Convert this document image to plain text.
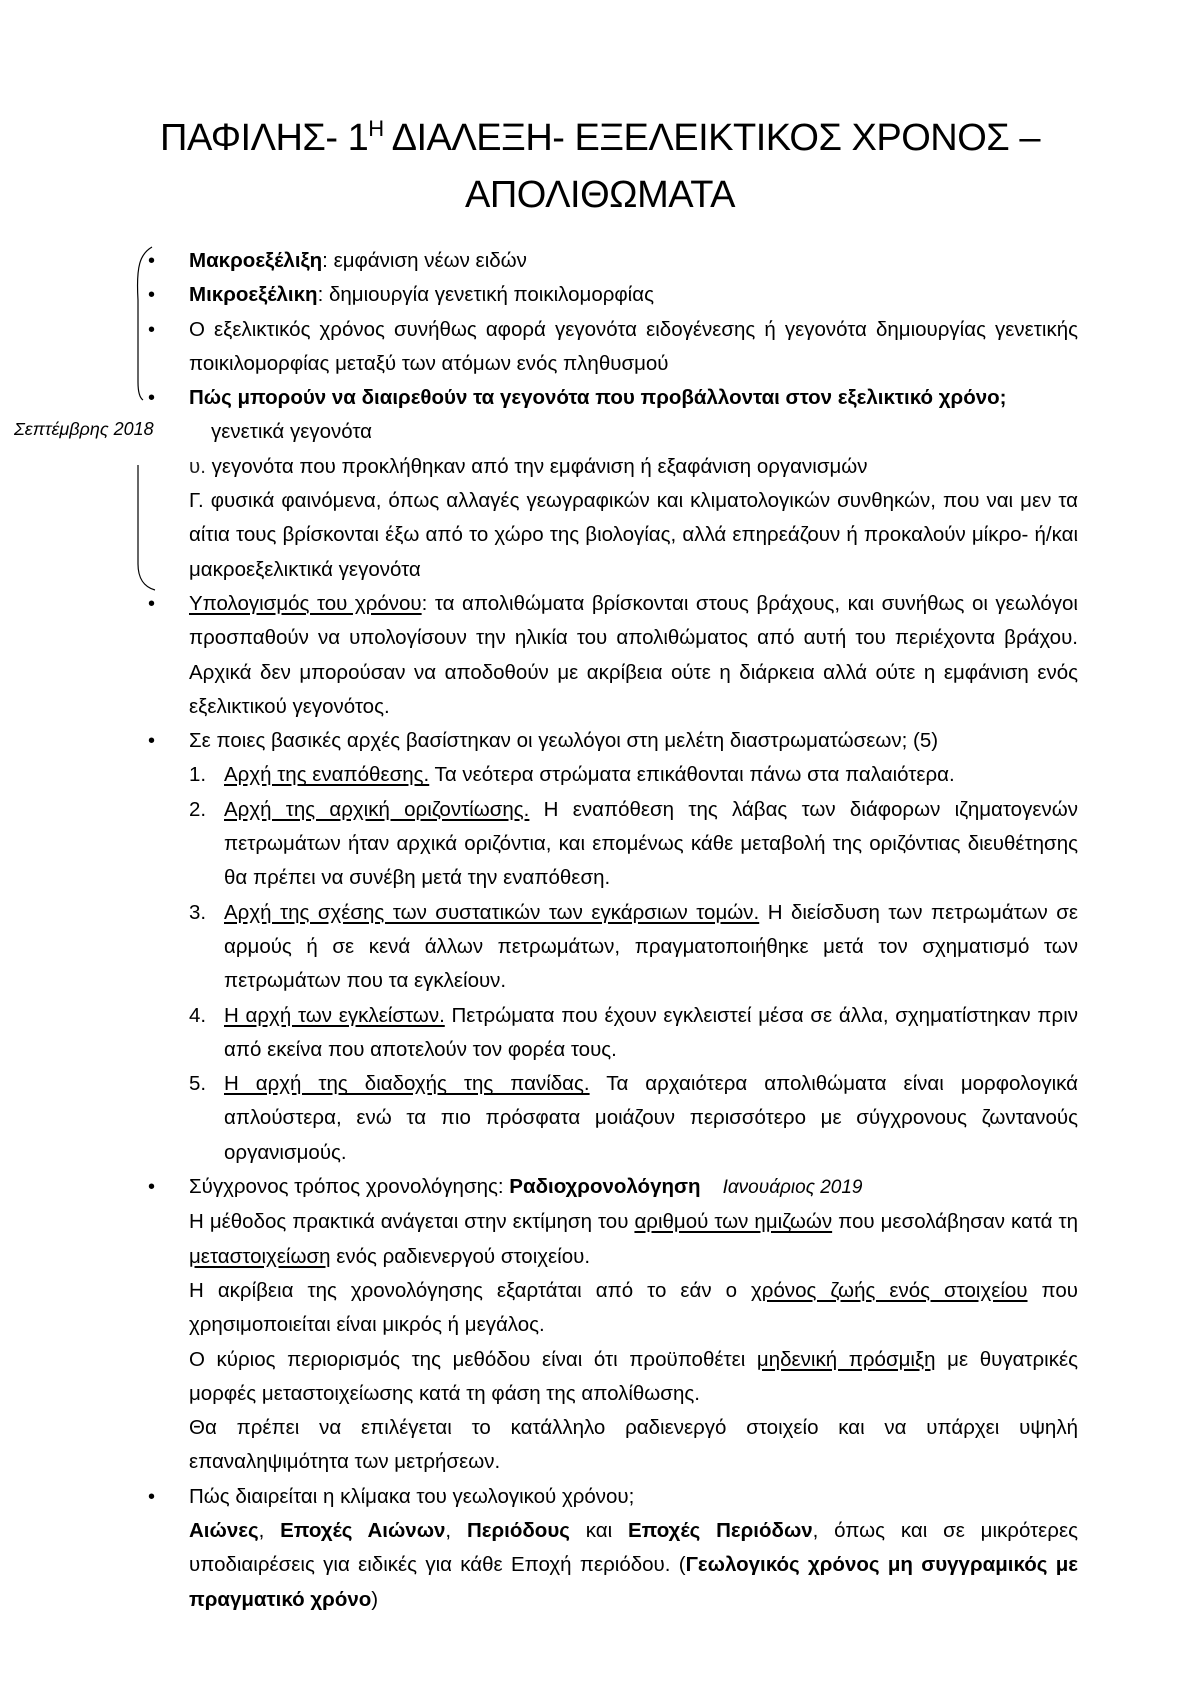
ΠΑΦΙΛΗΣ- $1^H$ ΔΙΑΛΕΞΗ- ΕΞΕΛΕΙΚΤΙΚΟΣ ΧΡΟΝΟΣ –
ΑΠΟΛΙΘΩΜΑΤΑ
Σεπτέμβρης 2018

• Μακροεξέλιξη: εμφάνιση νέων ειδών

• Μικροεξέλικη: δημιουργία γενετική ποικιλομορφίας

• Ο εξελικτικός χρόνος συνήθως αφορά γεγονότα ειδογένεσης ή γεγονότα δημιουργίας γενετικής ποικιλομορφίας μεταξύ των ατόμων ενός πληθυσμού

• Πώς μπορούν να διαιρεθούν τα γεγονότα που προβάλλονται στον εξελικτικό χρόνο;

γενετικά γεγονότα

υ. γεγονότα που προκλήθηκαν από την εμφάνιση ή εξαφάνιση οργανισμών

Γ. φυσικά φαινόμενα, όπως αλλαγές γεωγραφικών και κλιματολογικών συνθηκών, που ναι μεν τα αίτια τους βρίσκονται έξω από το χώρο της βιολογίας, αλλά επηρεάζουν ή προκαλούν μίκρο- ή/και μακροεξελικτικά γεγονότα

• Υπολογισμός του χρόνου: τα απολιθώματα βρίσκονται στους βράχους, και συνήθως οι γεωλόγοι προσπαθούν να υπολογίσουν την ηλικία του απολιθώματος από αυτή του περιέχοντα βράχου. Αρχικά δεν μπορούσαν να αποδοθούν με ακρίβεια ούτε η διάρκεια αλλά ούτε η εμφάνιση ενός εξελικτικού γεγονότος.

• Σε ποιες βασικές αρχές βασίστηκαν οι γεωλόγοι στη μελέτη διαστρωματώσεων; (5)

1. Αρχή της εναπόθεσης. Τα νεότερα στρώματα επικάθονται πάνω στα παλαιότερα.

2. Αρχή της αρχική οριζοντίωσης. Η εναπόθεση της λάβας των διάφορων ιζηματογενών πετρωμάτων ήταν αρχικά οριζόντια, και επομένως κάθε μεταβολή της οριζόντιας διευθέτησης θα πρέπει να συνέβη μετά την εναπόθεση.

3. Αρχή της σχέσης των συστατικών των εγκάρσιων τομών. Η διείσδυση των πετρωμάτων σε αρμούς ή σε κενά άλλων πετρωμάτων, πραγματοποιήθηκε μετά τον σχηματισμό των πετρωμάτων που τα εγκλείουν.

4. Η αρχή των εγκλείστων. Πετρώματα που έχουν εγκλειστεί μέσα σε άλλα, σχηματίστηκαν πριν από εκείνα που αποτελούν τον φορέα τους.

5. Η αρχή της διαδοχής της πανίδας. Τα αρχαιότερα απολιθώματα είναι μορφολογικά απλούστερα, ενώ τα πιο πρόσφατα μοιάζουν περισσότερο με σύγχρονους ζωντανούς οργανισμούς.

• Σύγχρονος τρόπος χρονολόγησης: Ραδιοχρονολόγηση Ιανουάριος 2019

Η μέθοδος πρακτικά ανάγεται στην εκτίμηση του αριθμού των ημιζωών που μεσολάβησαν κατά τη μεταστοιχείωση ενός ραδιενεργού στοιχείου.

Η ακρίβεια της χρονολόγησης εξαρτάται από το εάν ο χρόνος ζωής ενός στοιχείου που χρησιμοποιείται είναι μικρός ή μεγάλος.

Ο κύριος περιορισμός της μεθόδου είναι ότι προϋποθέτει μηδενική πρόσμιξη με θυγατρικές μορφές μεταστοιχείωσης κατά τη φάση της απολίθωσης.

Θα πρέπει να επιλέγεται το κατάλληλο ραδιενεργό στοιχείο και να υπάρχει υψηλή επαναληψιμότητα των μετρήσεων.

• Πώς διαιρείται η κλίμακα του γεωλογικού χρόνου;

Αιώνες, Εποχές Αιώνων, Περιόδους και Εποχές Περιόδων, όπως και σε μικρότερες υποδιαιρέσεις για ειδικές για κάθε Εποχή περιόδου. (Γεωλογικός χρόνος μη συγγραμικός με πραγματικό χρόνο)
